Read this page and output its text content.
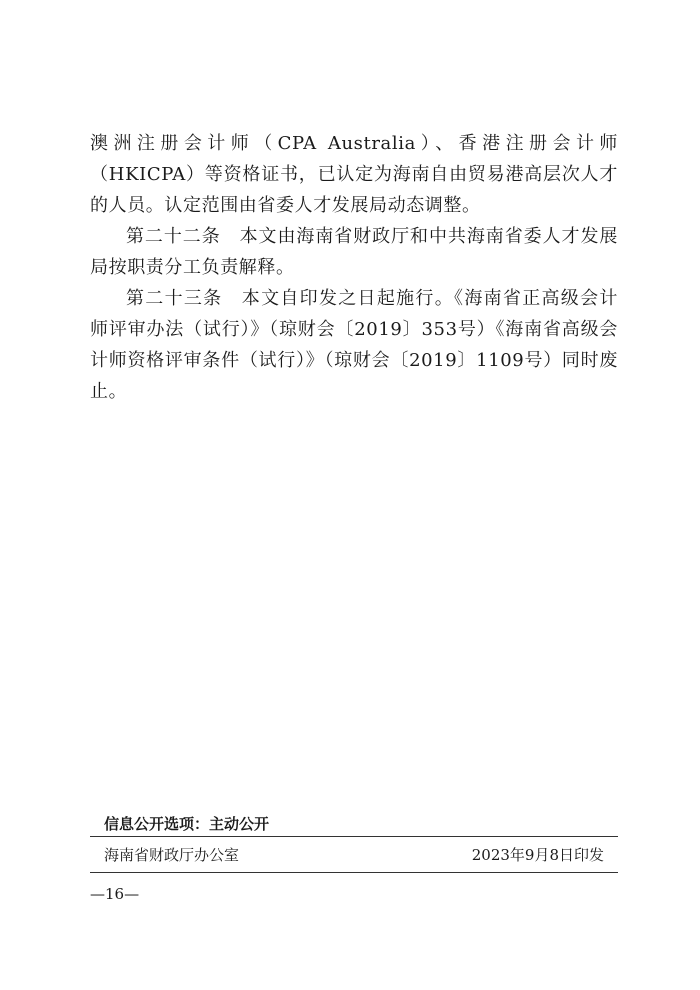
澳洲注册会计师（CPA Australia）、香港注册会计师（HKICPA）等资格证书，已认定为海南自由贸易港高层次人才的人员。认定范围由省委人才发展局动态调整。

第二十二条　本文由海南省财政厅和中共海南省委人才发展局按职责分工负责解释。

第二十三条　本文自印发之日起施行。《海南省正高级会计师评审办法（试行）》（琼财会〔2019〕353号）《海南省高级会计师资格评审条件（试行）》（琼财会〔2019〕1109号）同时废止。

信息公开选项：主动公开
海南省财政厅办公室	2023年9月8日印发
—16—
